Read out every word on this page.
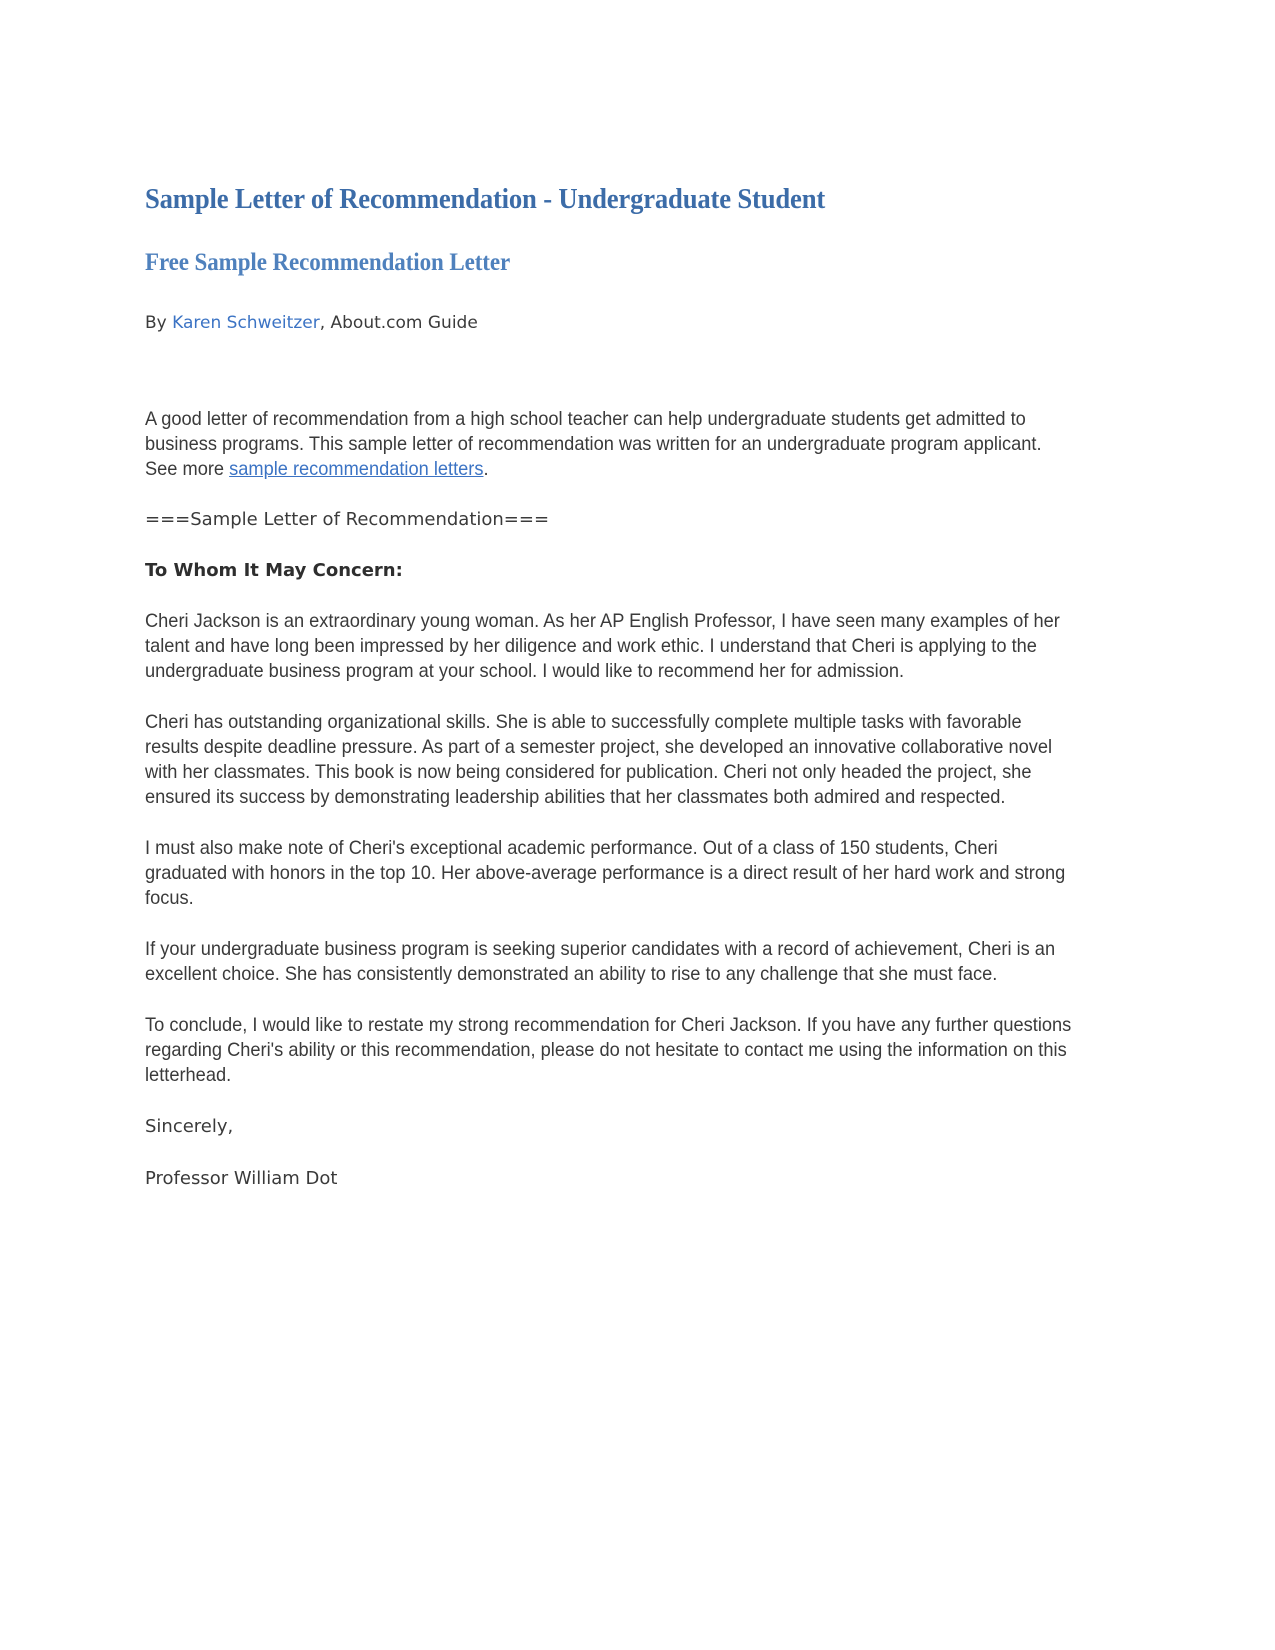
Sample Letter of Recommendation - Undergraduate Student
Free Sample Recommendation Letter

By Karen Schweitzer, About.com Guide

A good letter of recommendation from a high school teacher can help undergraduate students get admitted to business programs. This sample letter of recommendation was written for an undergraduate program applicant. See more sample recommendation letters.

===Sample Letter of Recommendation===

To Whom It May Concern:

Cheri Jackson is an extraordinary young woman. As her AP English Professor, I have seen many examples of her talent and have long been impressed by her diligence and work ethic. I understand that Cheri is applying to the undergraduate business program at your school. I would like to recommend her for admission.

Cheri has outstanding organizational skills. She is able to successfully complete multiple tasks with favorable results despite deadline pressure. As part of a semester project, she developed an innovative collaborative novel with her classmates. This book is now being considered for publication. Cheri not only headed the project, she ensured its success by demonstrating leadership abilities that her classmates both admired and respected.

I must also make note of Cheri's exceptional academic performance. Out of a class of 150 students, Cheri graduated with honors in the top 10. Her above-average performance is a direct result of her hard work and strong focus.

If your undergraduate business program is seeking superior candidates with a record of achievement, Cheri is an excellent choice. She has consistently demonstrated an ability to rise to any challenge that she must face.

To conclude, I would like to restate my strong recommendation for Cheri Jackson. If you have any further questions regarding Cheri's ability or this recommendation, please do not hesitate to contact me using the information on this letterhead.

Sincerely,

Professor William Dot
